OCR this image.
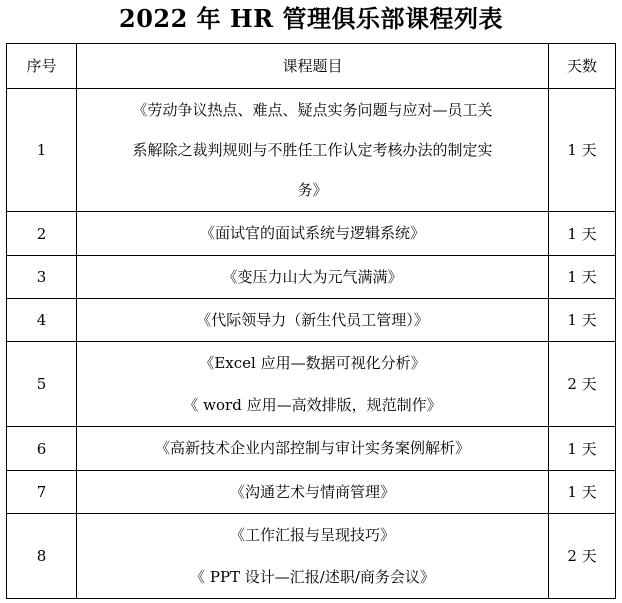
2022 年 HR 管理俱乐部课程列表
序号	课程题目	天数
1	《劳动争议热点、难点、疑点实务问题与应对—员工关
系解除之裁判规则与不胜任工作认定考核办法的制定实
务》	1 天
2	《面试官的面试系统与逻辑系统》	1 天
3	《变压力山大为元气满满》	1 天
4	《代际领导力（新生代员工管理）》	1 天
5	《Excel 应用—数据可视化分析》
《 word 应用—高效排版，规范制作》	2 天
6	《高新技术企业内部控制与审计实务案例解析》	1 天
7	《沟通艺术与情商管理》	1 天
8	《工作汇报与呈现技巧》
《 PPT 设计—汇报/述职/商务会议》	2 天
